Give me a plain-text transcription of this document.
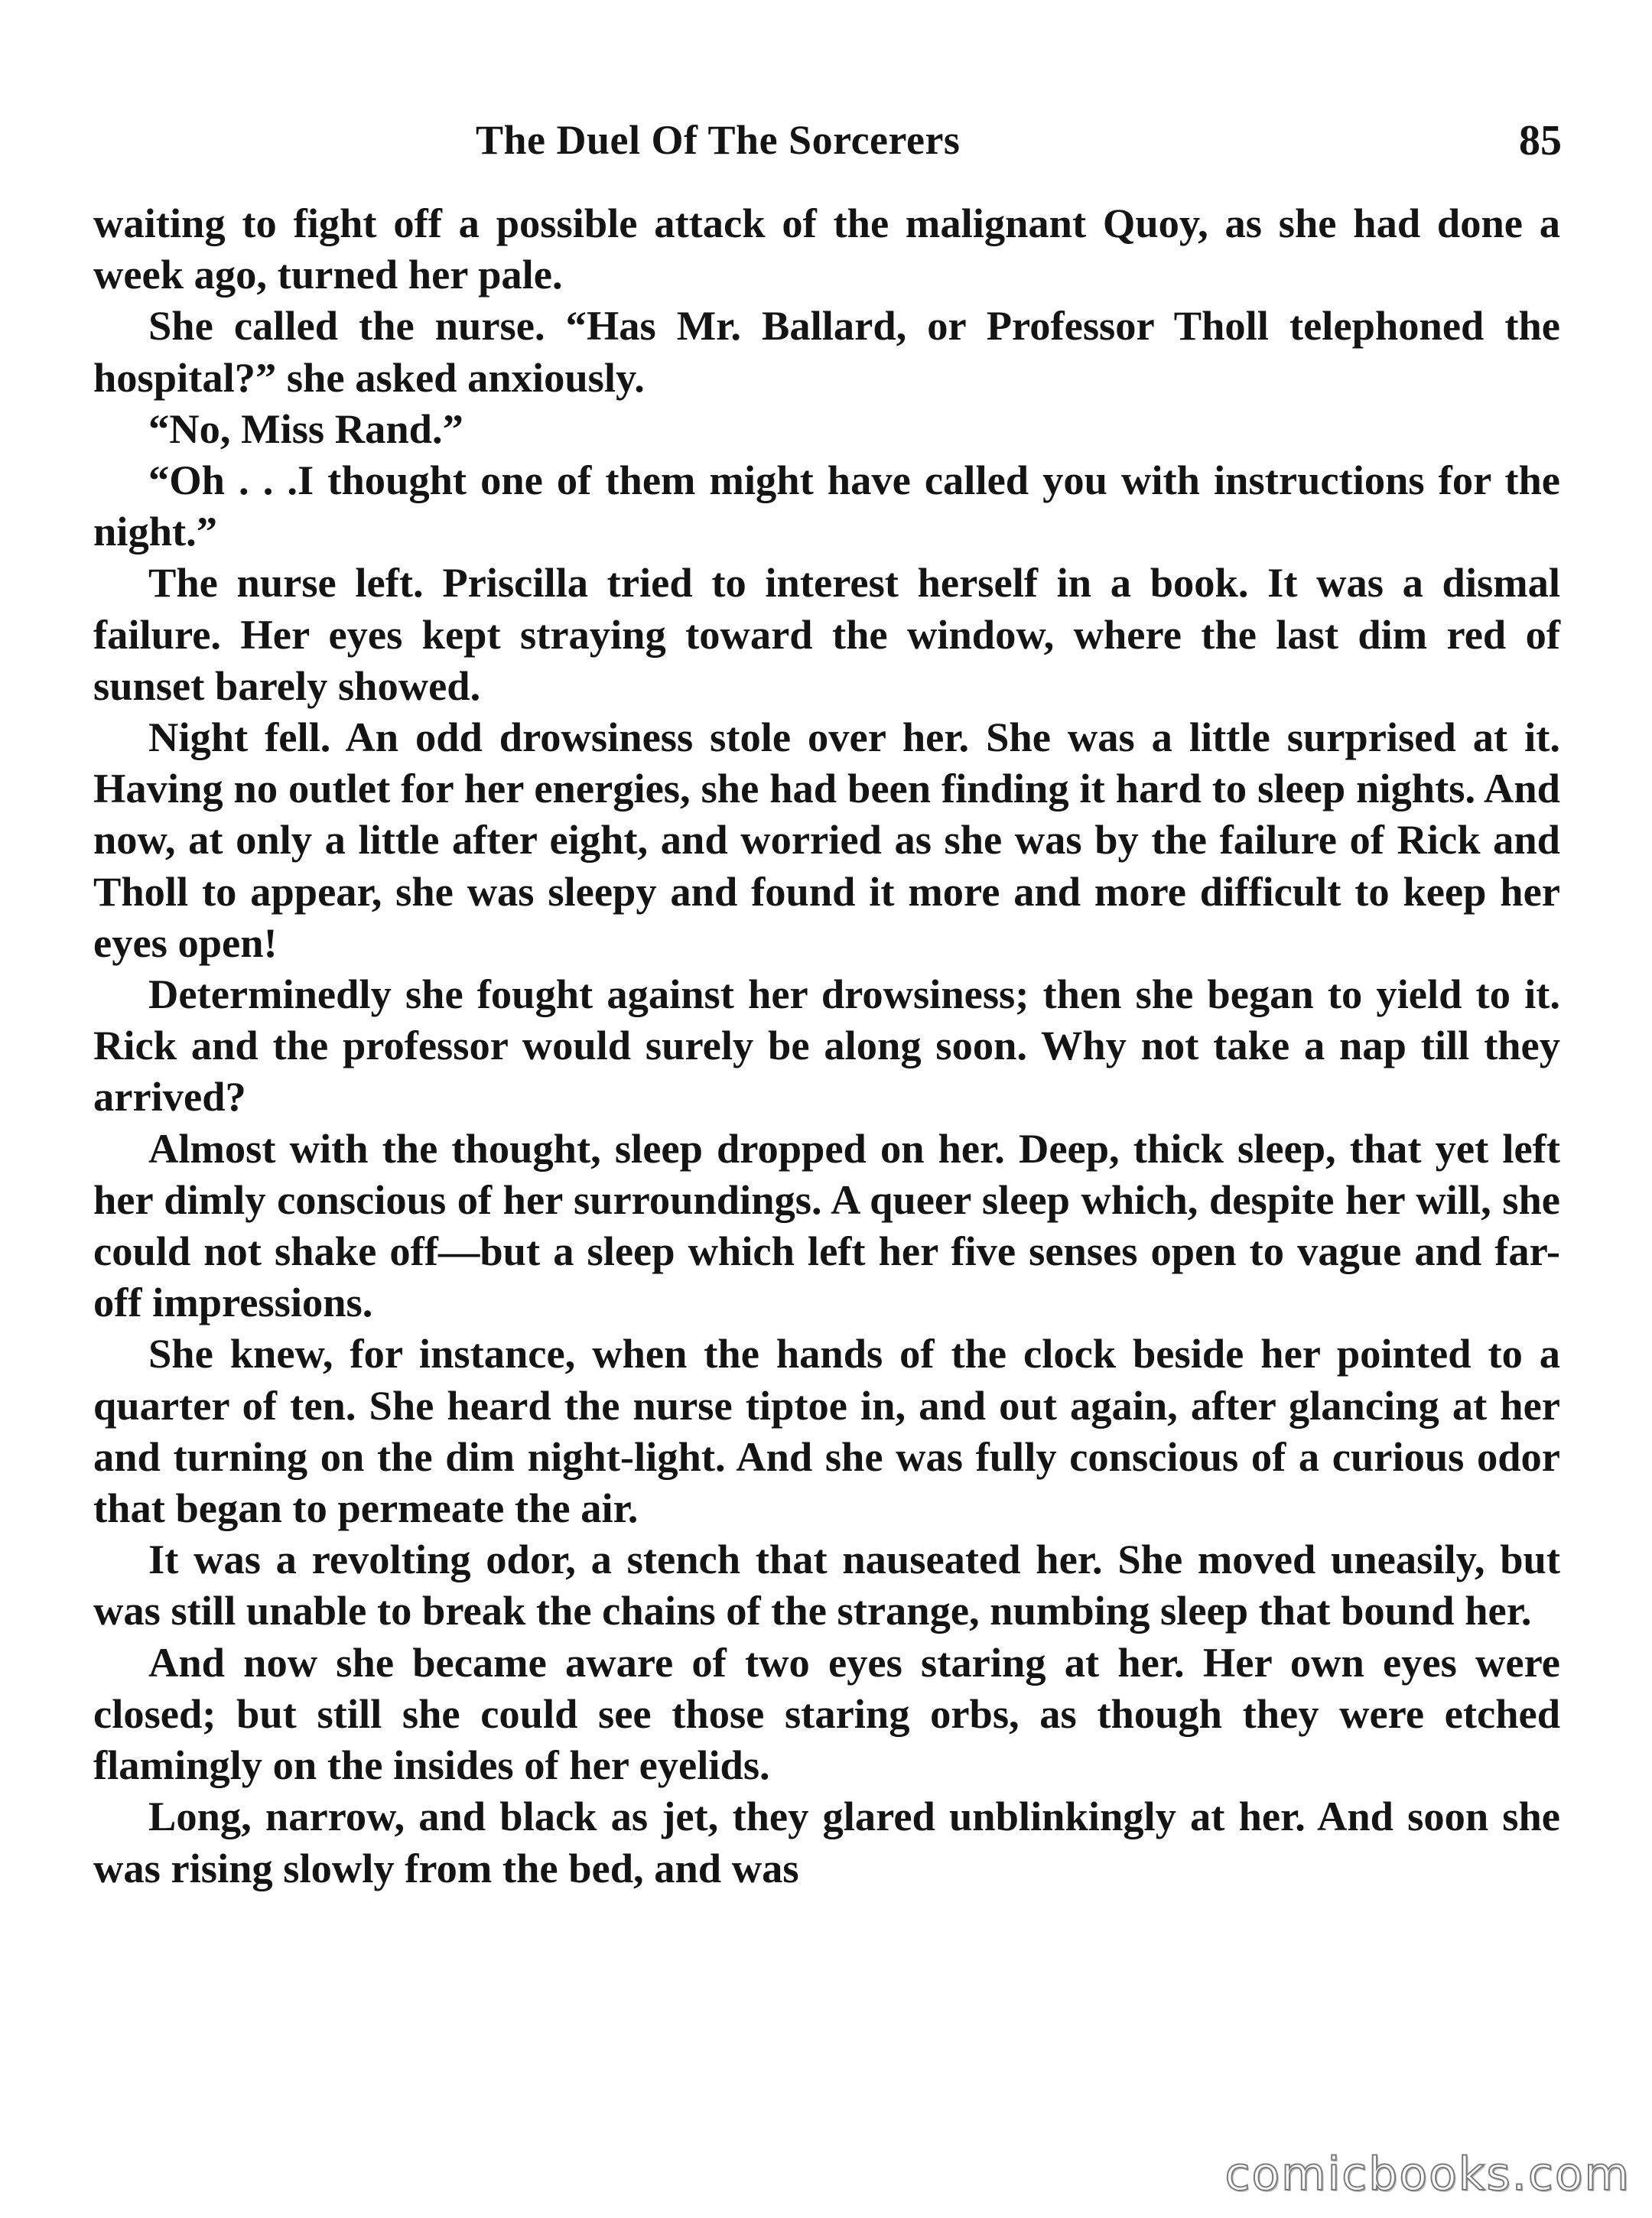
The Duel Of The Sorcerers	85

waiting to fight off a possible attack of the malignant Quoy, as she had done a week ago, turned her pale.

She called the nurse. “Has Mr. Ballard, or Professor Tholl telephoned the hospital?” she asked anxiously.

“No, Miss Rand.”

“Oh . . .I thought one of them might have called you with instructions for the night.”

The nurse left. Priscilla tried to interest herself in a book. It was a dismal failure. Her eyes kept straying toward the window, where the last dim red of sunset barely showed.

Night fell. An odd drowsiness stole over her. She was a little surprised at it. Having no outlet for her energies, she had been finding it hard to sleep nights. And now, at only a little after eight, and worried as she was by the failure of Rick and Tholl to appear, she was sleepy and found it more and more difficult to keep her eyes open!

Determinedly she fought against her drowsiness; then she began to yield to it. Rick and the professor would surely be along soon. Why not take a nap till they arrived?

Almost with the thought, sleep dropped on her. Deep, thick sleep, that yet left her dimly conscious of her surroundings. A queer sleep which, despite her will, she could not shake off—but a sleep which left her five senses open to vague and far-off impressions.

She knew, for instance, when the hands of the clock beside her pointed to a quarter of ten. She heard the nurse tiptoe in, and out again, after glancing at her and turning on the dim night-light. And she was fully conscious of a curious odor that began to permeate the air.

It was a revolting odor, a stench that nauseated her. She moved uneasily, but was still unable to break the chains of the strange, numbing sleep that bound her.

And now she became aware of two eyes staring at her. Her own eyes were closed; but still she could see those staring orbs, as though they were etched flamingly on the insides of her eyelids.

Long, narrow, and black as jet, they glared unblinkingly at her. And soon she was rising slowly from the bed, and was

comicbooks.com
